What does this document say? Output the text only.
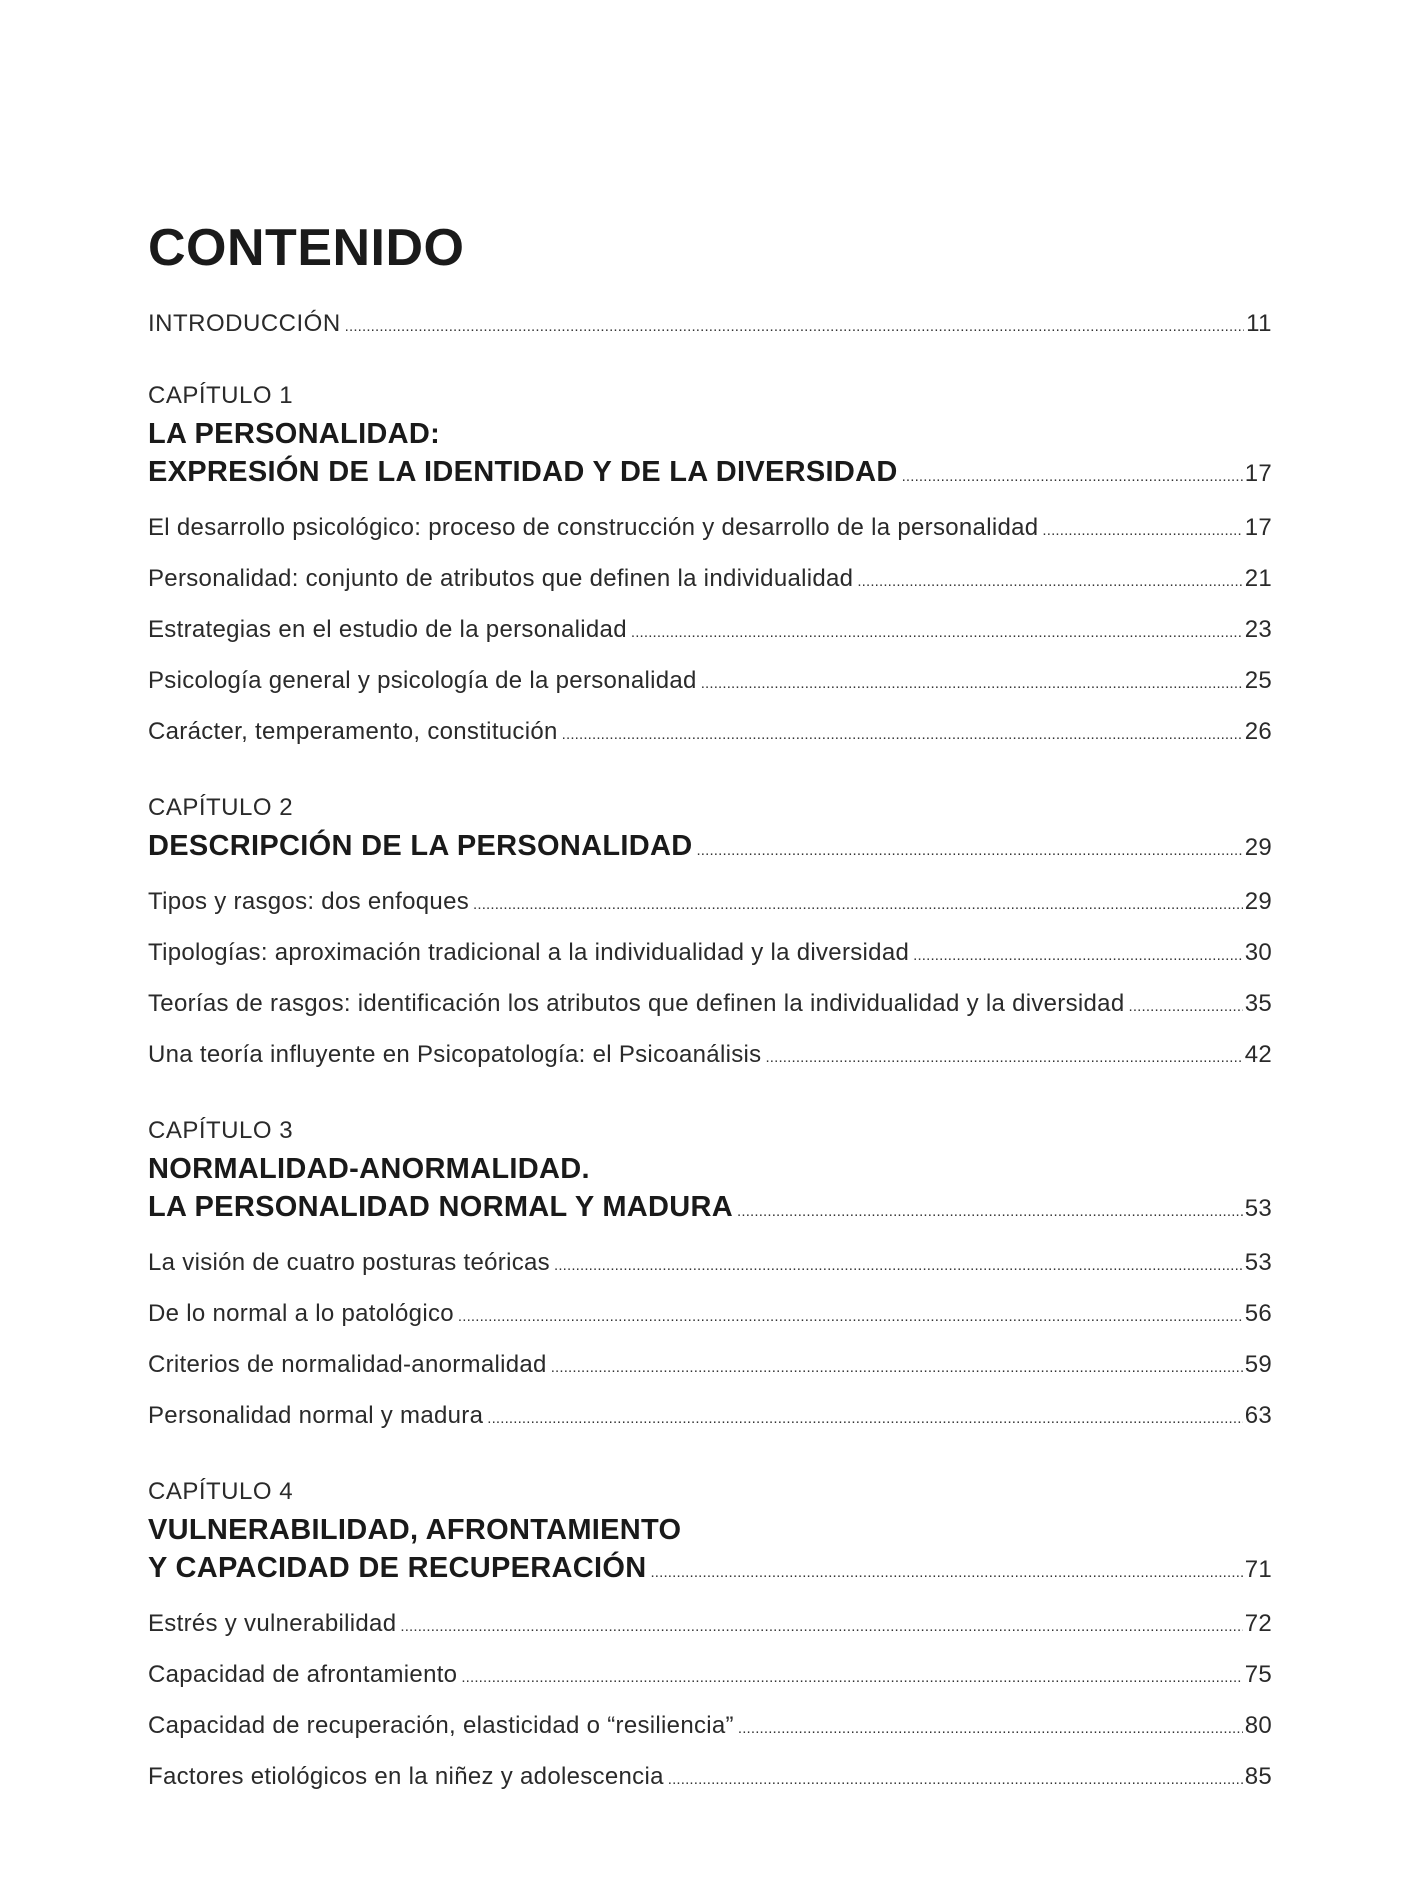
CONTENIDO
INTRODUCCIÓN . . .	11
CAPÍTULO 1
LA PERSONALIDAD:
EXPRESIÓN DE LA IDENTIDAD Y DE LA DIVERSIDAD . . .	17
El desarrollo psicológico: proceso de construcción y desarrollo de la personalidad . . .	17
Personalidad: conjunto de atributos que definen la individualidad . . .	21
Estrategias en el estudio de la personalidad . . .	23
Psicología general y psicología de la personalidad . . .	25
Carácter, temperamento, constitución . . .	26
CAPÍTULO 2
DESCRIPCIÓN DE LA PERSONALIDAD . . .	29
Tipos y rasgos: dos enfoques . . .	29
Tipologías: aproximación tradicional a la individualidad y la diversidad . . .	30
Teorías de rasgos: identificación los atributos que definen la individualidad y la diversidad . . .	35
Una teoría influyente en Psicopatología: el Psicoanálisis . . .	42
CAPÍTULO 3
NORMALIDAD-ANORMALIDAD.
LA PERSONALIDAD NORMAL Y MADURA . . .	53
La visión de cuatro posturas teóricas . . .	53
De lo normal a lo patológico . . .	56
Criterios de normalidad-anormalidad . . .	59
Personalidad normal y madura . . .	63
CAPÍTULO 4
VULNERABILIDAD, AFRONTAMIENTO
Y CAPACIDAD DE RECUPERACIÓN . . .	71
Estrés y vulnerabilidad . . .	72
Capacidad de afrontamiento . . .	75
Capacidad de recuperación, elasticidad o “resiliencia” . . .	80
Factores etiológicos en la niñez y adolescencia . . .	85
